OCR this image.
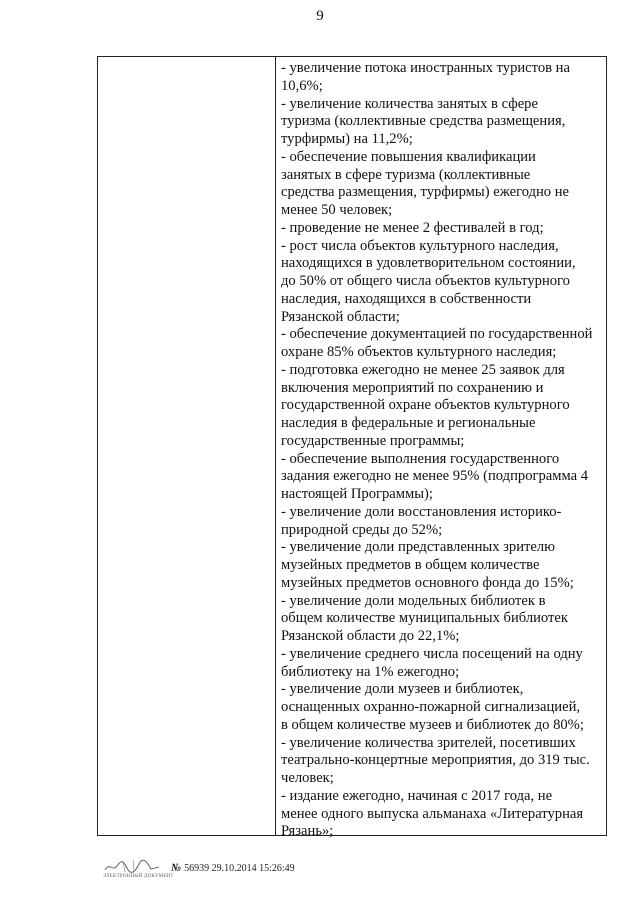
9
- увеличение потока иностранных туристов на
10,6%;
- увеличение количества занятых в сфере
туризма (коллективные средства размещения,
турфирмы) на 11,2%;
- обеспечение повышения квалификации
занятых в сфере туризма (коллективные
средства размещения, турфирмы) ежегодно не
менее 50 человек;
- проведение не менее 2 фестивалей в год;
- рост числа объектов культурного наследия,
находящихся в удовлетворительном состоянии,
до 50% от общего числа объектов культурного
наследия, находящихся в собственности
Рязанской области;
- обеспечение документацией по государственной
охране 85% объектов культурного наследия;
- подготовка ежегодно не менее 25 заявок для
включения мероприятий по сохранению и
государственной охране объектов культурного
наследия в федеральные и региональные
государственные программы;
- обеспечение выполнения государственного
задания ежегодно не менее 95% (подпрограмма 4
настоящей Программы);
- увеличение доли восстановления историко-
природной среды до 52%;
- увеличение доли представленных зрителю
музейных предметов в общем количестве
музейных предметов основного фонда до 15%;
- увеличение доли модельных библиотек в
общем количестве муниципальных библиотек
Рязанской области до 22,1%;
- увеличение среднего числа посещений на одну
библиотеку на 1% ежегодно;
- увеличение доли музеев и библиотек,
оснащенных охранно-пожарной сигнализацией,
в общем количестве музеев и библиотек до 80%;
- увеличение количества зрителей, посетивших
театрально-концертные мероприятия, до 319 тыс.
человек;
- издание ежегодно, начиная с 2017 года, не
менее одного выпуска альманаха «Литературная
Рязань»;
ЭЛЕКТРОННЫЙ ДОКУМЕНТ
№ 56939 29.10.2014 15:26:49
